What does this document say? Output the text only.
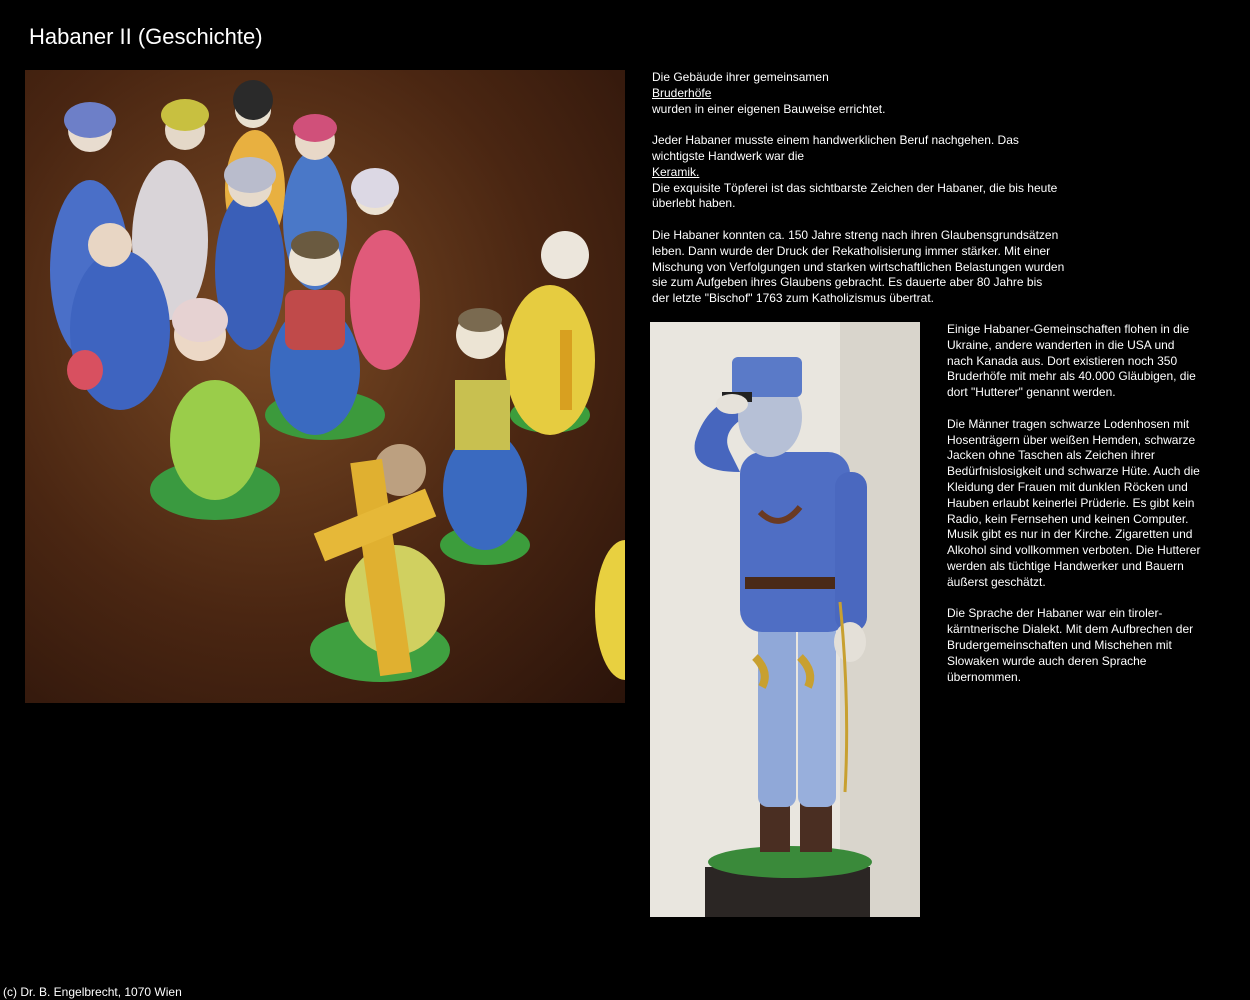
Habaner II (Geschichte)

Die Gebäude ihrer gemeinsamen
Bruderhöfe
wurden in einer eigenen Bauweise errichtet.

Jeder Habaner musste einem handwerklichen Beruf nachgehen. Das
wichtigste Handwerk war die
Keramik.
Die exquisite Töpferei ist das sichtbarste Zeichen der Habaner, die bis heute
überlebt haben.

Die Habaner konnten ca. 150 Jahre streng nach ihren Glaubensgrundsätzen
leben. Dann wurde der Druck der Rekatholisierung immer stärker. Mit einer
Mischung von Verfolgungen und starken wirtschaftlichen Belastungen wurden
sie zum Aufgeben ihres Glaubens gebracht. Es dauerte aber 80 Jahre bis
der letzte "Bischof" 1763 zum Katholizismus übertrat.

Einige Habaner-Gemeinschaften flohen in die Ukraine, andere wanderten in die USA und nach Kanada aus. Dort existieren noch 350 Bruderhöfe mit mehr als 40.000 Gläubigen, die dort "Hutterer" genannt werden.

Die Männer tragen schwarze Lodenhosen mit Hosenträgern über weißen Hemden, schwarze Jacken ohne Taschen als Zeichen ihrer Bedürfnislosigkeit und schwarze Hüte. Auch die Kleidung der Frauen mit dunklen Röcken und Hauben erlaubt keinerlei Prüderie. Es gibt kein Radio, kein Fernsehen und keinen Computer. Musik gibt es nur in der Kirche. Zigaretten und Alkohol sind vollkommen verboten. Die Hutterer werden als tüchtige Handwerker und Bauern äußerst geschätzt.

Die Sprache der Habaner war ein tiroler-kärntnerische Dialekt. Mit dem Aufbrechen der Brudergemeinschaften und Mischehen mit Slowaken wurde auch deren Sprache übernommen.

(c) Dr. B. Engelbrecht, 1070 Wien
